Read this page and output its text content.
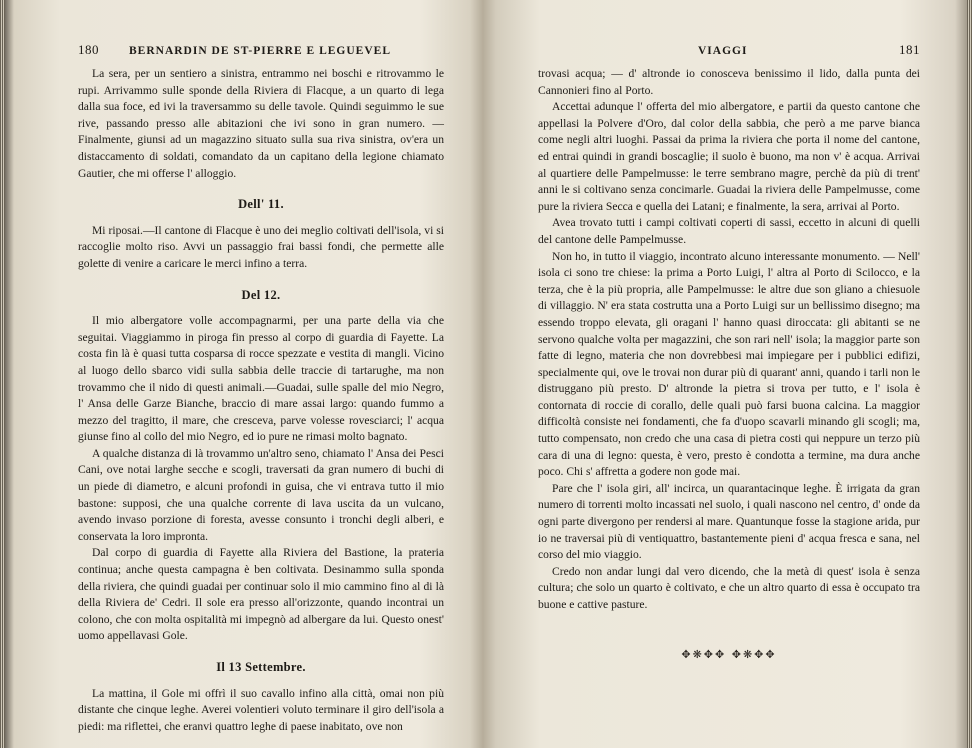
180	BERNARDIN DE ST-PIERRE E LEGUEVEL

La sera, per un sentiero a sinistra, entrammo nei boschi e ritrovammo le rupi. Arrivammo sulle sponde della Riviera di Flacque, a un quarto di lega dalla sua foce, ed ivi la traversammo su delle tavole. Quindi seguimmo le sue rive, passando presso alle abitazioni che ivi sono in gran numero. — Finalmente, giunsi ad un magazzino situato sulla sua riva sinistra, ov'era un distaccamento di soldati, comandato da un capitano della legione chiamato Gautier, che mi offerse l' alloggio.

Dell' 11.

Mi riposai.—Il cantone di Flacque è uno dei meglio coltivati dell'isola, vi si raccoglie molto riso. Avvi un passaggio frai bassi fondi, che permette alle golette di venire a caricare le merci infino a terra.

Del 12.

Il mio albergatore volle accompagnarmi, per una parte della via che seguitai. Viaggiammo in piroga fin presso al corpo di guardia di Fayette. La costa fin là è quasi tutta cosparsa di rocce spezzate e vestita di mangli. Vicino al luogo dello sbarco vidi sulla sabbia delle traccie di tartarughe, ma non trovammo che il nido di questi animali.—Guadai, sulle spalle del mio Negro, l' Ansa delle Garze Bianche, braccio di mare assai largo: quando fummo a mezzo del tragitto, il mare, che cresceva, parve volesse rovesciarci; l' acqua giunse fino al collo del mio Negro, ed io pure ne rimasi molto bagnato.

A qualche distanza di là trovammo un'altro seno, chiamato l' Ansa dei Pesci Cani, ove notai larghe secche e scogli, traversati da gran numero di buchi di un piede di diametro, e alcuni profondi in guisa, che vi entrava tutto il mio bastone: supposi, che una qualche corrente di lava uscita da un vulcano, avendo invaso porzione di foresta, avesse consunto i tronchi degli alberi, e conservata la loro impronta.

Dal corpo di guardia di Fayette alla Riviera del Bastione, la prateria continua; anche questa campagna è ben coltivata. Desinammo sulla sponda della riviera, che quindi guadai per continuar solo il mio cammino fino al di là della Riviera de' Cedri. Il sole era presso all'orizzonte, quando incontrai un colono, che con molta ospitalità mi impegnò ad albergare da lui. Questo onest' uomo appellavasi Gole.

Il 13 Settembre.

La mattina, il Gole mi offrì il suo cavallo infino alla città, omai non più distante che cinque leghe. Averei volentieri voluto terminare il giro dell'isola a piedi: ma riflettei, che eranvi quattro leghe di paese inabitato, ove non

VIAGGI	181

trovasi acqua; — d' altronde io conosceva benissimo il lido, dalla punta dei Cannonieri fino al Porto.

Accettai adunque l' offerta del mio albergatore, e partii da questo cantone che appellasi la Polvere d'Oro, dal color della sabbia, che però a me parve bianca come negli altri luoghi. Passai da prima la riviera che porta il nome del cantone, ed entrai quindi in grandi boscaglie; il suolo è buono, ma non v' è acqua. Arrivai al quartiere delle Pampelmusse: le terre sembrano magre, perchè da più di trent' anni le si coltivano senza concimarle. Guadai la riviera delle Pampelmusse, come pure la riviera Secca e quella dei Latani; e finalmente, la sera, arrivai al Porto.

Avea trovato tutti i campi coltivati coperti di sassi, eccetto in alcuni di quelli del cantone delle Pampelmusse.

Non ho, in tutto il viaggio, incontrato alcuno interessante monumento. — Nell' isola ci sono tre chiese: la prima a Porto Luigi, l' altra al Porto di Scilocco, e la terza, che è la più propria, alle Pampelmusse: le altre due son gliano a chiesuole di villaggio. N' era stata costrutta una a Porto Luigi sur un bellissimo disegno; ma essendo troppo elevata, gli oragani l' hanno quasi diroccata: gli abitanti se ne servono qualche volta per magazzini, che son rari nell' isola; la maggior parte son fatte di legno, materia che non dovrebbesi mai impiegare per i pubblici edifizi, specialmente qui, ove le trovai non durar più di quarant' anni, quando i tarli non le distruggano più presto. D' altronde la pietra si trova per tutto, e l' isola è contornata di roccie di corallo, delle quali può farsi buona calcina. La maggior difficoltà consiste nei fondamenti, che fa d'uopo scavarli minando gli scogli; ma, tutto compensato, non credo che una casa di pietra costi qui neppure un terzo più cara di una di legno: questa, è vero, presto è condotta a termine, ma dura anche poco. Chi s' affretta a godere non gode mai.

Pare che l' isola giri, all' incirca, un quarantacinque leghe. È irrigata da gran numero di torrenti molto incassati nel suolo, i quali nascono nel centro, d' onde da ogni parte divergono per rendersi al mare. Quantunque fosse la stagione arida, pur io ne traversai più di ventiquattro, bastantemente pieni d' acqua fresca e sana, nel corso del mio viaggio.

Credo non andar lungi dal vero dicendo, che la metà di quest' isola è senza cultura; che solo un quarto è coltivato, e che un altro quarto di essa è occupato tra buone e cattive pasture.

✥❋✥✥ ✥❋✥✥
